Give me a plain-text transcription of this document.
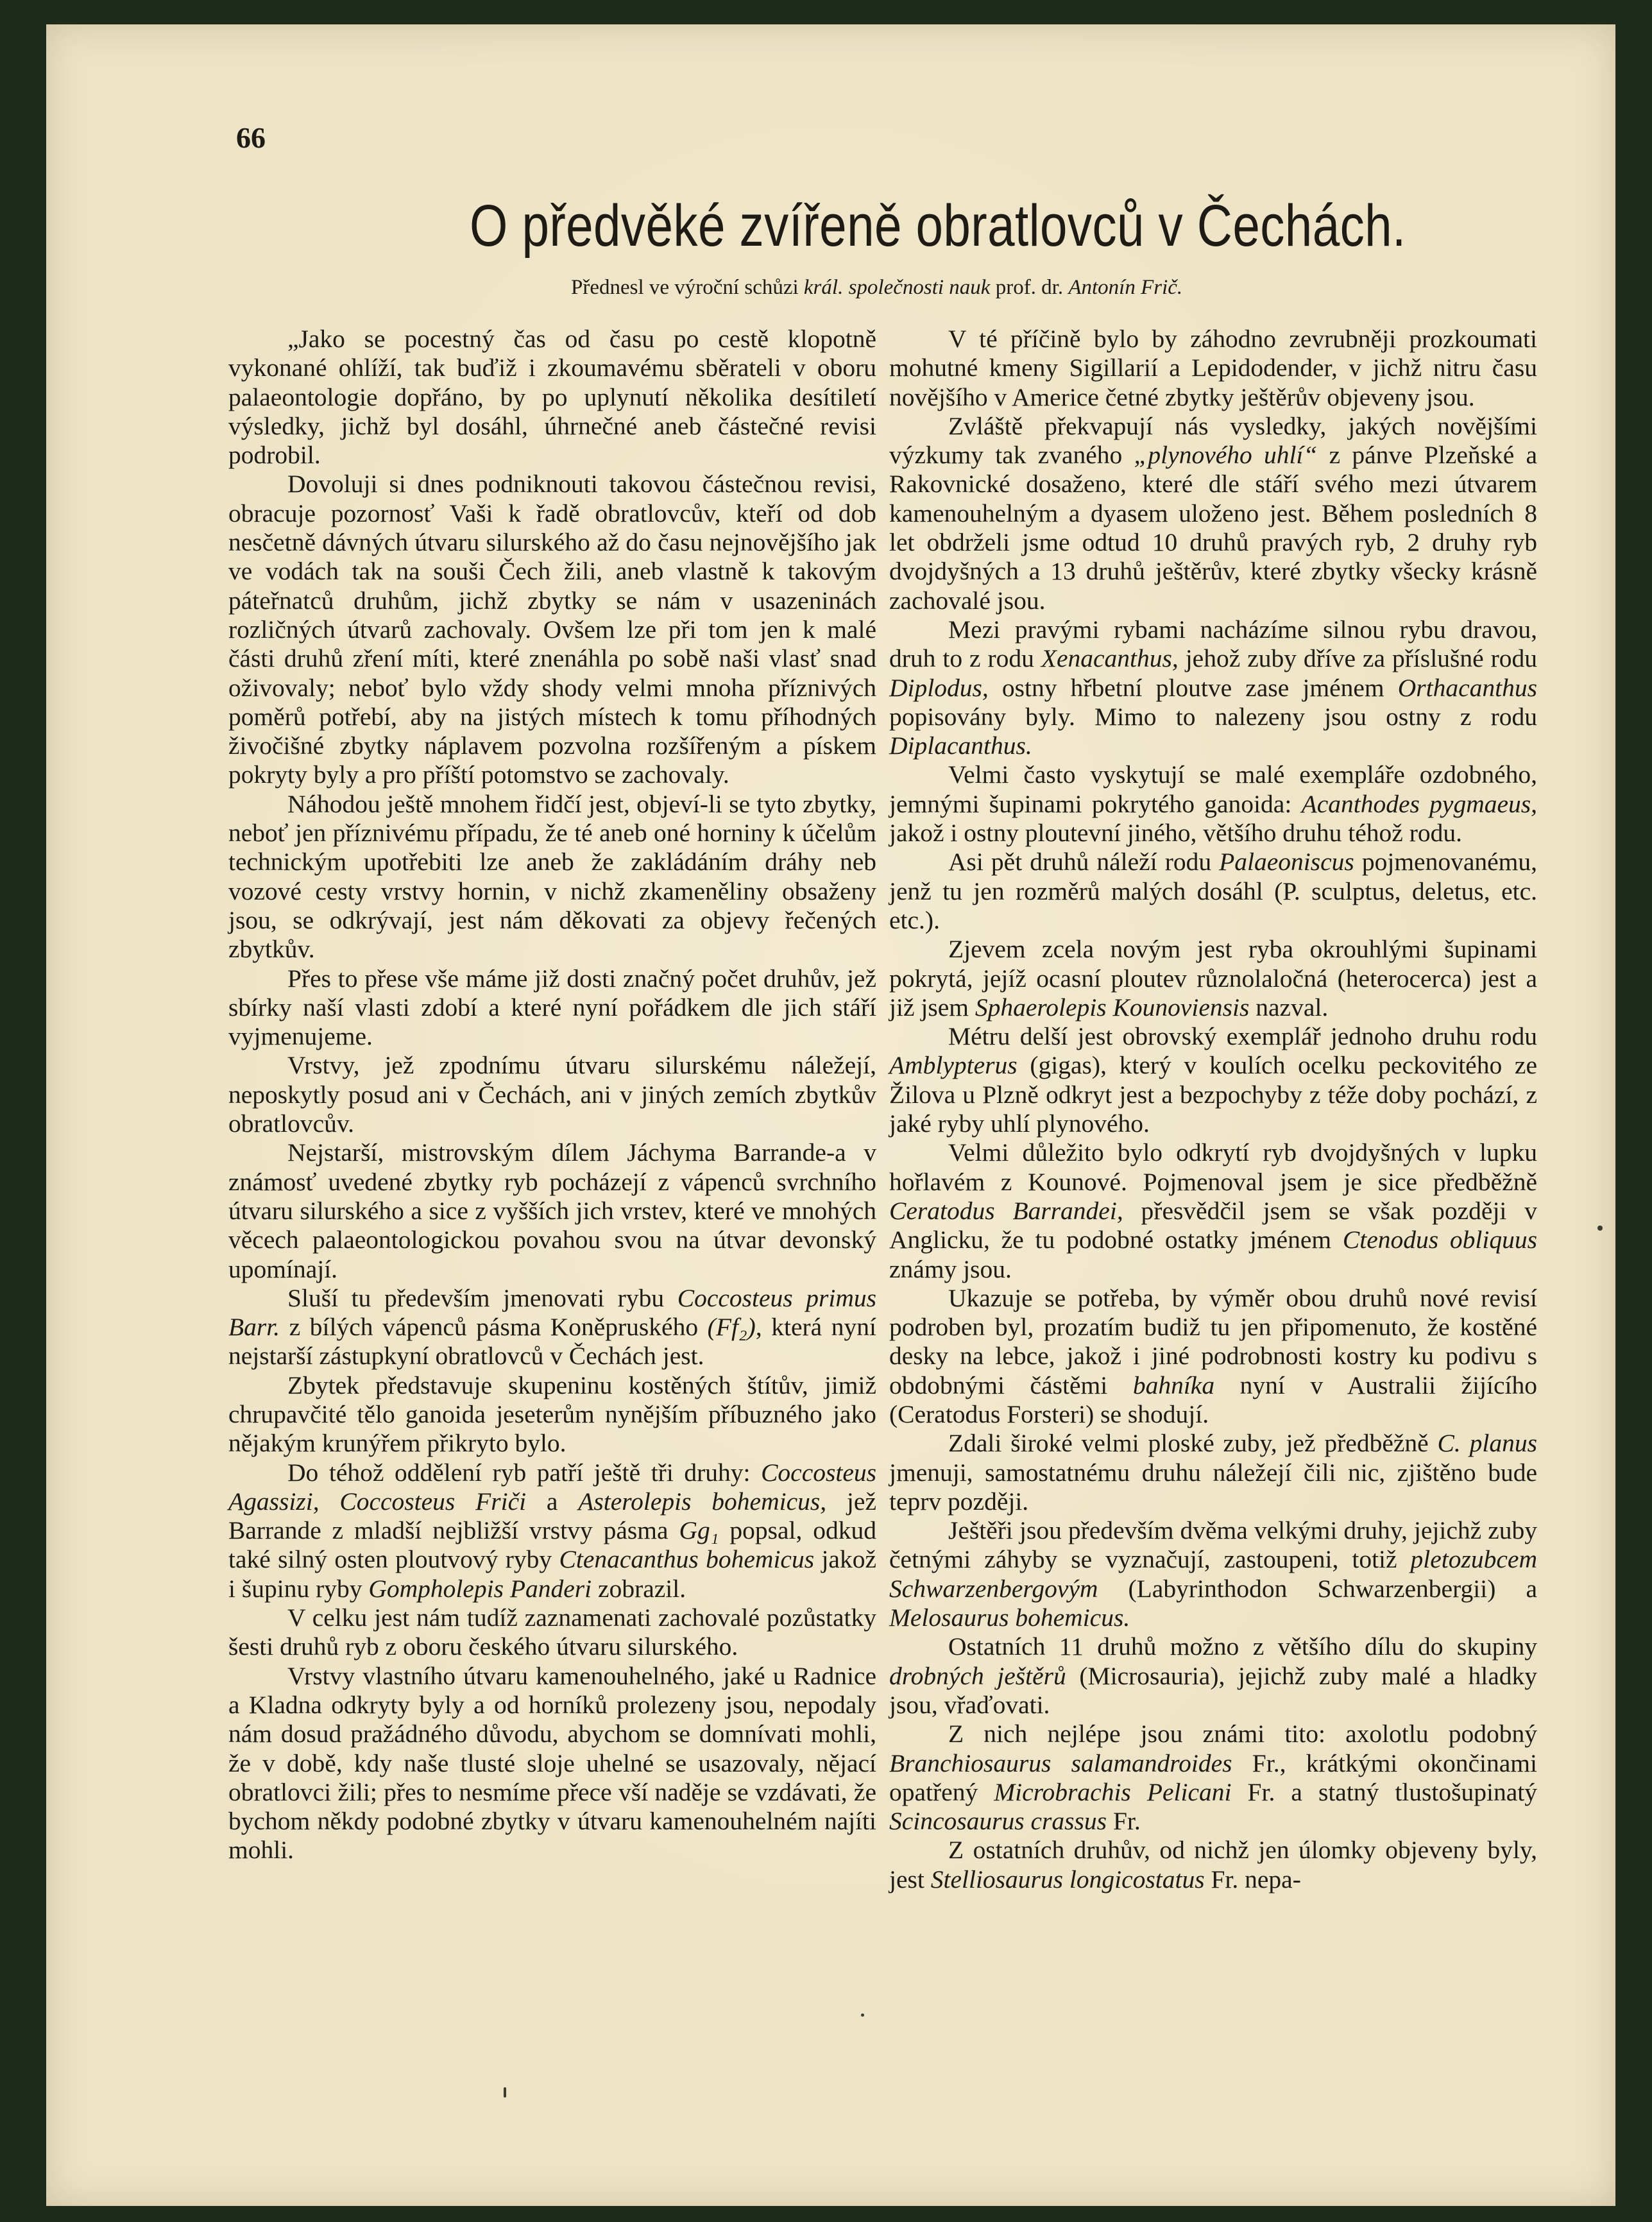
66
O předvěké zvířeně obratlovců v Čechách.
Přednesl ve výroční schůzi král. společnosti nauk prof. dr. Antonín Frič.

„Jako se pocestný čas od času po cestě klopotně vykonané ohlíží, tak buďiž i zkoumavému sběrateli v oboru palaeontologie dopřáno, by po uplynutí několika desítiletí výsledky, jichž byl dosáhl, úhrnečné aneb částečné revisi podrobil.

Dovoluji si dnes podniknouti takovou částečnou revisi, obracuje pozornosť Vaši k řadě obratlovcův, kteří od dob nesčetně dávných útvaru silurského až do času nejnovějšího jak ve vodách tak na souši Čech žili, aneb vlastně k takovým páteřnatců druhům, jichž zbytky se nám v usazeninách rozličných útvarů zachovaly. Ovšem lze při tom jen k malé části druhů zření míti, které znenáhla po sobě naši vlasť snad oživovaly; neboť bylo vždy shody velmi mnoha příznivých poměrů potřebí, aby na jistých místech k tomu příhodných živočišné zbytky náplavem pozvolna rozšířeným a pískem pokryty byly a pro příští potomstvo se zachovaly.

Náhodou ještě mnohem řidčí jest, objeví-li se tyto zbytky, neboť jen příznivému případu, že té aneb oné horniny k účelům technickým upotřebiti lze aneb že zakládáním dráhy neb vozové cesty vrstvy hornin, v nichž zkameněliny obsaženy jsou, se odkrývají, jest nám děkovati za objevy řečených zbytkův.

Přes to přese vše máme již dosti značný počet druhův, jež sbírky naší vlasti zdobí a které nyní pořádkem dle jich stáří vyjmenujeme.

Vrstvy, jež zpodnímu útvaru silurskému náležejí, neposkytly posud ani v Čechách, ani v jiných zemích zbytkův obratlovcův.

Nejstarší, mistrovským dílem Jáchyma Barrande-a v známosť uvedené zbytky ryb pocházejí z vápenců svrchního útvaru silurského a sice z vyšších jich vrstev, které ve mnohých věcech palaeontologickou povahou svou na útvar devonský upomínají.

Sluší tu především jmenovati rybu Coccosteus primus Barr. z bílých vápenců pásma Koněpruského (Ff₂), která nyní nejstarší zástupkyní obratlovců v Čechách jest.

Zbytek představuje skupeninu kostěných štítův, jimiž chrupavčité tělo ganoida jeseterům nynějším příbuzného jako nějakým krunýřem přikryto bylo.

Do téhož oddělení ryb patří ještě tři druhy: Coccosteus Agassizi, Coccosteus Friči a Asterolepis bohemicus, jež Barrande z mladší nejbližší vrstvy pásma Gg₁ popsal, odkud také silný osten ploutvový ryby Ctenacanthus bohemicus jakož i šupinu ryby Gompholepis Panderi zobrazil.

V celku jest nám tudíž zaznamenati zachovalé pozůstatky šesti druhů ryb z oboru českého útvaru silurského.

Vrstvy vlastního útvaru kamenouhelného, jaké u Radnice a Kladna odkryty byly a od horníků prolezeny jsou, nepodaly nám dosud pražádného důvodu, abychom se domnívati mohli, že v době, kdy naše tlusté sloje uhelné se usazovaly, nějací obratlovci žili; přes to nesmíme přece vší naděje se vzdávati, že bychom někdy podobné zbytky v útvaru kamenouhelném najíti mohli.

V té příčině bylo by záhodno zevrubněji prozkoumati mohutné kmeny Sigillarií a Lepidodender, v jichž nitru času novějšího v Americe četné zbytky ještěrův objeveny jsou.

Zvláště překvapují nás vysledky, jakých novějšími výzkumy tak zvaného „plynového uhlí“ z pánve Plzeňské a Rakovnické dosaženo, které dle stáří svého mezi útvarem kamenouhelným a dyasem uloženo jest. Během posledních 8 let obdrželi jsme odtud 10 druhů pravých ryb, 2 druhy ryb dvojdyšných a 13 druhů ještěrův, které zbytky všecky krásně zachovalé jsou.

Mezi pravými rybami nacházíme silnou rybu dravou, druh to z rodu Xenacanthus, jehož zuby dříve za příslušné rodu Diplodus, ostny hřbetní ploutve zase jménem Orthacanthus popisovány byly. Mimo to nalezeny jsou ostny z rodu Diplacanthus.

Velmi často vyskytují se malé exempláře ozdobného, jemnými šupinami pokrytého ganoida: Acanthodes pygmaeus, jakož i ostny ploutevní jiného, většího druhu téhož rodu.

Asi pět druhů náleží rodu Palaeoniscus pojmenovanému, jenž tu jen rozměrů malých dosáhl (P. sculptus, deletus, etc. etc.).

Zjevem zcela novým jest ryba okrouhlými šupinami pokrytá, jejíž ocasní ploutev různolaločná (heterocerca) jest a již jsem Sphaerolepis Kounoviensis nazval.

Métru delší jest obrovský exemplář jednoho druhu rodu Amblypterus (gigas), který v koulích ocelku peckovitého ze Žilova u Plzně odkryt jest a bezpochyby z téže doby pochází, z jaké ryby uhlí plynového.

Velmi důležito bylo odkrytí ryb dvojdyšných v lupku hořlavém z Kounové. Pojmenoval jsem je sice předběžně Ceratodus Barrandei, přesvědčil jsem se však později v Anglicku, že tu podobné ostatky jménem Ctenodus obliquus známy jsou.

Ukazuje se potřeba, by výměr obou druhů nové revisí podroben byl, prozatím budiž tu jen připomenuto, že kostěné desky na lebce, jakož i jiné podrobnosti kostry ku podivu s obdobnými částěmi bahníka nyní v Australii žijícího (Ceratodus Forsteri) se shodují.

Zdali široké velmi ploské zuby, jež předběžně C. planus jmenuji, samostatnému druhu náležejí čili nic, zjištěno bude teprv později.

Ještěři jsou především dvěma velkými druhy, jejichž zuby četnými záhyby se vyznačují, zastoupeni, totiž pletozubcem Schwarzenbergovým (Labyrinthodon Schwarzenbergii) a Melosaurus bohemicus.

Ostatních 11 druhů možno z většího dílu do skupiny drobných ještěrů (Microsauria), jejichž zuby malé a hladky jsou, vřaďovati.

Z nich nejlépe jsou známi tito: axolotlu podobný Branchiosaurus salamandroides Fr., krátkými okončinami opatřený Microbrachis Pelicani Fr. a statný tlustošupinatý Scincosaurus crassus Fr.

Z ostatních druhův, od nichž jen úlomky objeveny byly, jest Stelliosaurus longicostatus Fr. nepa-
